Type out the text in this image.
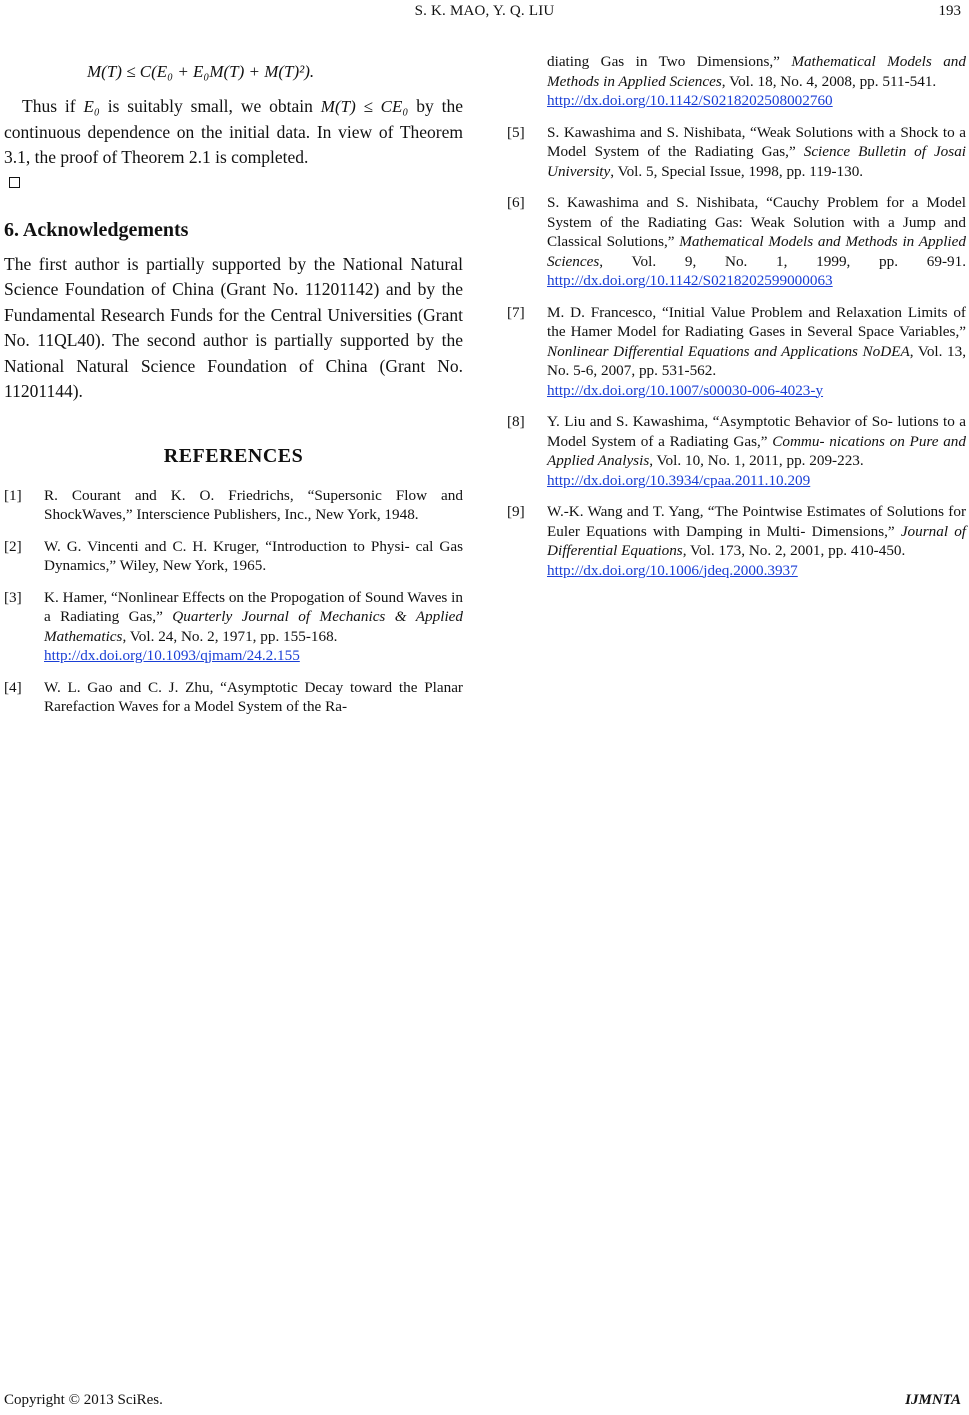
S. K. MAO, Y. Q. LIU	193
M(T) ≤ C(E₀ + E₀M(T) + M(T)²).

Thus if E₀ is suitably small, we obtain M(T) ≤ CE₀ by the continuous dependence on the initial data. In view of Theorem 3.1, the proof of Theorem 2.1 is completed.

6. Acknowledgements

The first author is partially supported by the National Natural Science Foundation of China (Grant No. 11201142) and by the Fundamental Research Funds for the Central Universities (Grant No. 11QL40). The second author is partially supported by the National Natural Science Foundation of China (Grant No. 11201144).

REFERENCES
[1] R. Courant and K. O. Friedrichs, “Supersonic Flow and ShockWaves,” Interscience Publishers, Inc., New York, 1948.
[2] W. G. Vincenti and C. H. Kruger, “Introduction to Physi- cal Gas Dynamics,” Wiley, New York, 1965.
[3] K. Hamer, “Nonlinear Effects on the Propogation of Sound Waves in a Radiating Gas,” Quarterly Journal of Mechanics & Applied Mathematics, Vol. 24, No. 2, 1971, pp. 155-168.
http://dx.doi.org/10.1093/qjmam/24.2.155
[4] W. L. Gao and C. J. Zhu, “Asymptotic Decay toward the Planar Rarefaction Waves for a Model System of the Ra-
diating Gas in Two Dimensions,” Mathematical Models and Methods in Applied Sciences, Vol. 18, No. 4, 2008, pp. 511-541.
http://dx.doi.org/10.1142/S0218202508002760
[5] S. Kawashima and S. Nishibata, “Weak Solutions with a Shock to a Model System of the Radiating Gas,” Science Bulletin of Josai University, Vol. 5, Special Issue, 1998, pp. 119-130.
[6] S. Kawashima and S. Nishibata, “Cauchy Problem for a Model System of the Radiating Gas: Weak Solution with a Jump and Classical Solutions,” Mathematical Models and Methods in Applied Sciences, Vol. 9, No. 1, 1999, pp. 69-91. http://dx.doi.org/10.1142/S0218202599000063
[7] M. D. Francesco, “Initial Value Problem and Relaxation Limits of the Hamer Model for Radiating Gases in Several Space Variables,” Nonlinear Differential Equations and Applications NoDEA, Vol. 13, No. 5-6, 2007, pp. 531-562.
http://dx.doi.org/10.1007/s00030-006-4023-y
[8] Y. Liu and S. Kawashima, “Asymptotic Behavior of So- lutions to a Model System of a Radiating Gas,” Commu- nications on Pure and Applied Analysis, Vol. 10, No. 1, 2011, pp. 209-223.
http://dx.doi.org/10.3934/cpaa.2011.10.209
[9] W.-K. Wang and T. Yang, “The Pointwise Estimates of Solutions for Euler Equations with Damping in Multi- Dimensions,” Journal of Differential Equations, Vol. 173, No. 2, 2001, pp. 410-450.
http://dx.doi.org/10.1006/jdeq.2000.3937
Copyright © 2013 SciRes.	IJMNTA
